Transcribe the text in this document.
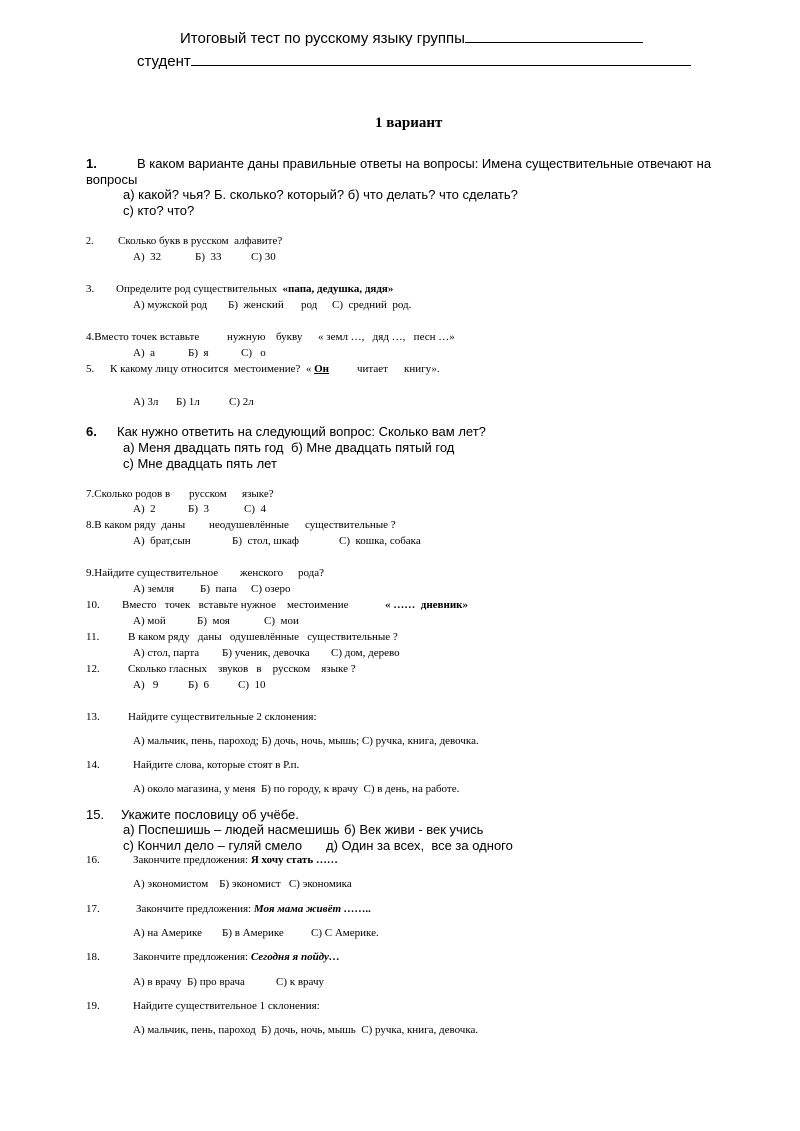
Итоговый тест по русскому языку группы
студент
1 вариант
1.	В каком варианте даны правильные ответы на вопросы: Имена существительные отвечают на
вопросы
а) какой? чья? Б. сколько? который? б) что делать? что сделать?
с) кто? что?
2. Сколько букв в русском  алфавите?
А)  32	Б)  33	С) 30
3. Определите род существительных «папа, дедушка, дядя»
А) мужской род Б)  женский род С)  средний  род.
4.Вместо точек вставьте	нужную букву « земл …,   дяд …,   песн …»
А)  а	Б)  я	С)   о
5. К какому лицу относится  местоимение?  « Он	читает книгу».
А) 3л Б) 1л	С) 2л
6. Как нужно ответить на следующий вопрос: Сколько вам лет?
а) Меня двадцать пять год б) Мне двадцать пятый год
с) Мне двадцать пять лет
7.Сколько родов в русском языке?
А)  2	Б)  3	С)  4
8.В каком ряду  даны неодушевлённые существительные ?
А)  брат,сын	Б)  стол, шкаф	С)  кошка, собака
9.Найдите существительное женского рода?
А) земля Б)  папа С) озеро
10. Вместо   точек   вставьте нужное    местоимение	« ……  дневник»
А) мой	Б)  моя	С)  мои
11.	В каком ряду   даны   одушевлённые   существительные ?
А) стол, парта Б) ученик, девочка С) дом, дерево
12.	Сколько гласных    звуков   в    русском    языке ?
А)   9	Б)  6	С)  10
13.	Найдите существительные 2 склонения:
А) мальчик, пень, пароход; Б) дочь, ночь, мышь; С) ручка, книга, девочка.
14.	Найдите слова, которые стоят в Р.п.
А) около магазина, у меня  Б) по городу, к врачу  С) в день, на работе.
15. Укажите пословицу об учёбе.
а) Поспешишь – людей насмешишь б) Век живи - век учись
с) Кончил дело – гуляй смело д) Один за всех,  все за одного
16.	Закончите предложения: Я хочу стать ……
А) экономистом    Б) экономист   С) экономика
17.	Закончите предложения: Моя мама живёт ……..
А) на Америке Б) в Америке С) С Америке.
18.	Закончите предложения: Сегодня я пойду…
А) в врачу  Б) про врача	С) к врачу
19.	Найдите существительное 1 склонения:
А) мальчик, пень, пароход  Б) дочь, ночь, мышь  С) ручка, книга, девочка.
